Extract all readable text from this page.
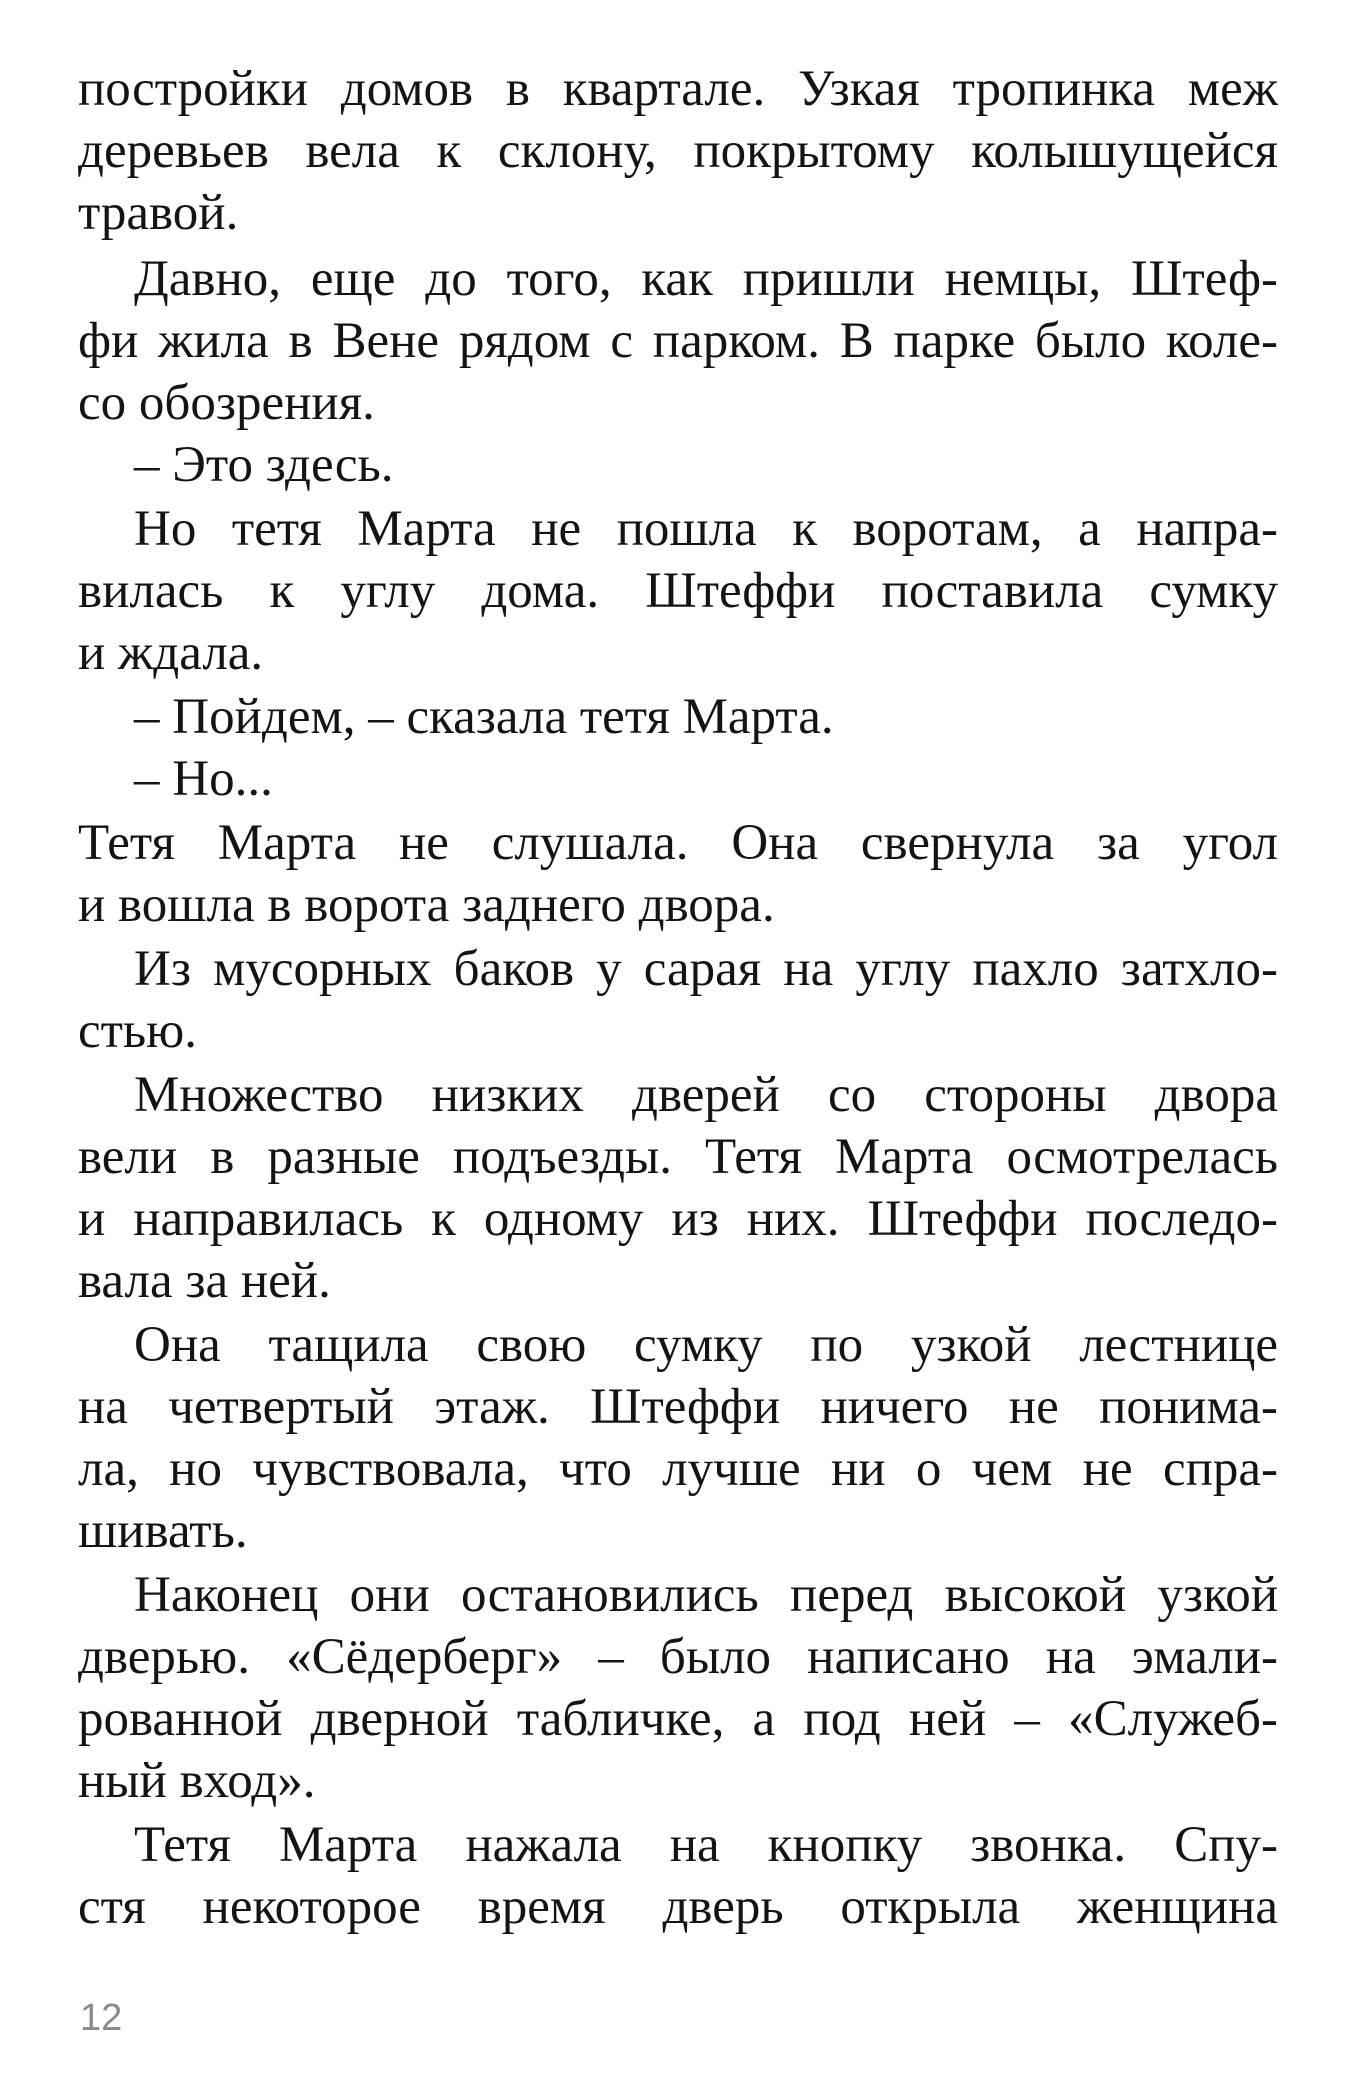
постройки домов в квартале. Узкая тропинка меж
деревьев вела к склону, покрытому колышущейся
травой.
Давно, еще до того, как пришли немцы, Штеф-
фи жила в Вене рядом с парком. В парке было коле-
со обозрения.
– Это здесь.
Но тетя Марта не пошла к воротам, а напра-
вилась к углу дома. Штеффи поставила сумку
и ждала.
– Пойдем, – сказала тетя Марта.
– Но...
Тетя Марта не слушала. Она свернула за угол
и вошла в ворота заднего двора.
Из мусорных баков у сарая на углу пахло затхло-
стью.
Множество низких дверей со стороны двора
вели в разные подъезды. Тетя Марта осмотрелась
и направилась к одному из них. Штеффи последо-
вала за ней.
Она тащила свою сумку по узкой лестнице
на четвертый этаж. Штеффи ничего не понима-
ла, но чувствовала, что лучше ни о чем не спра-
шивать.
Наконец они остановились перед высокой узкой
дверью. «Сёдерберг» – было написано на эмали-
рованной дверной табличке, а под ней – «Служеб-
ный вход».
Тетя Марта нажала на кнопку звонка. Спу-
стя некоторое время дверь открыла женщина
12
